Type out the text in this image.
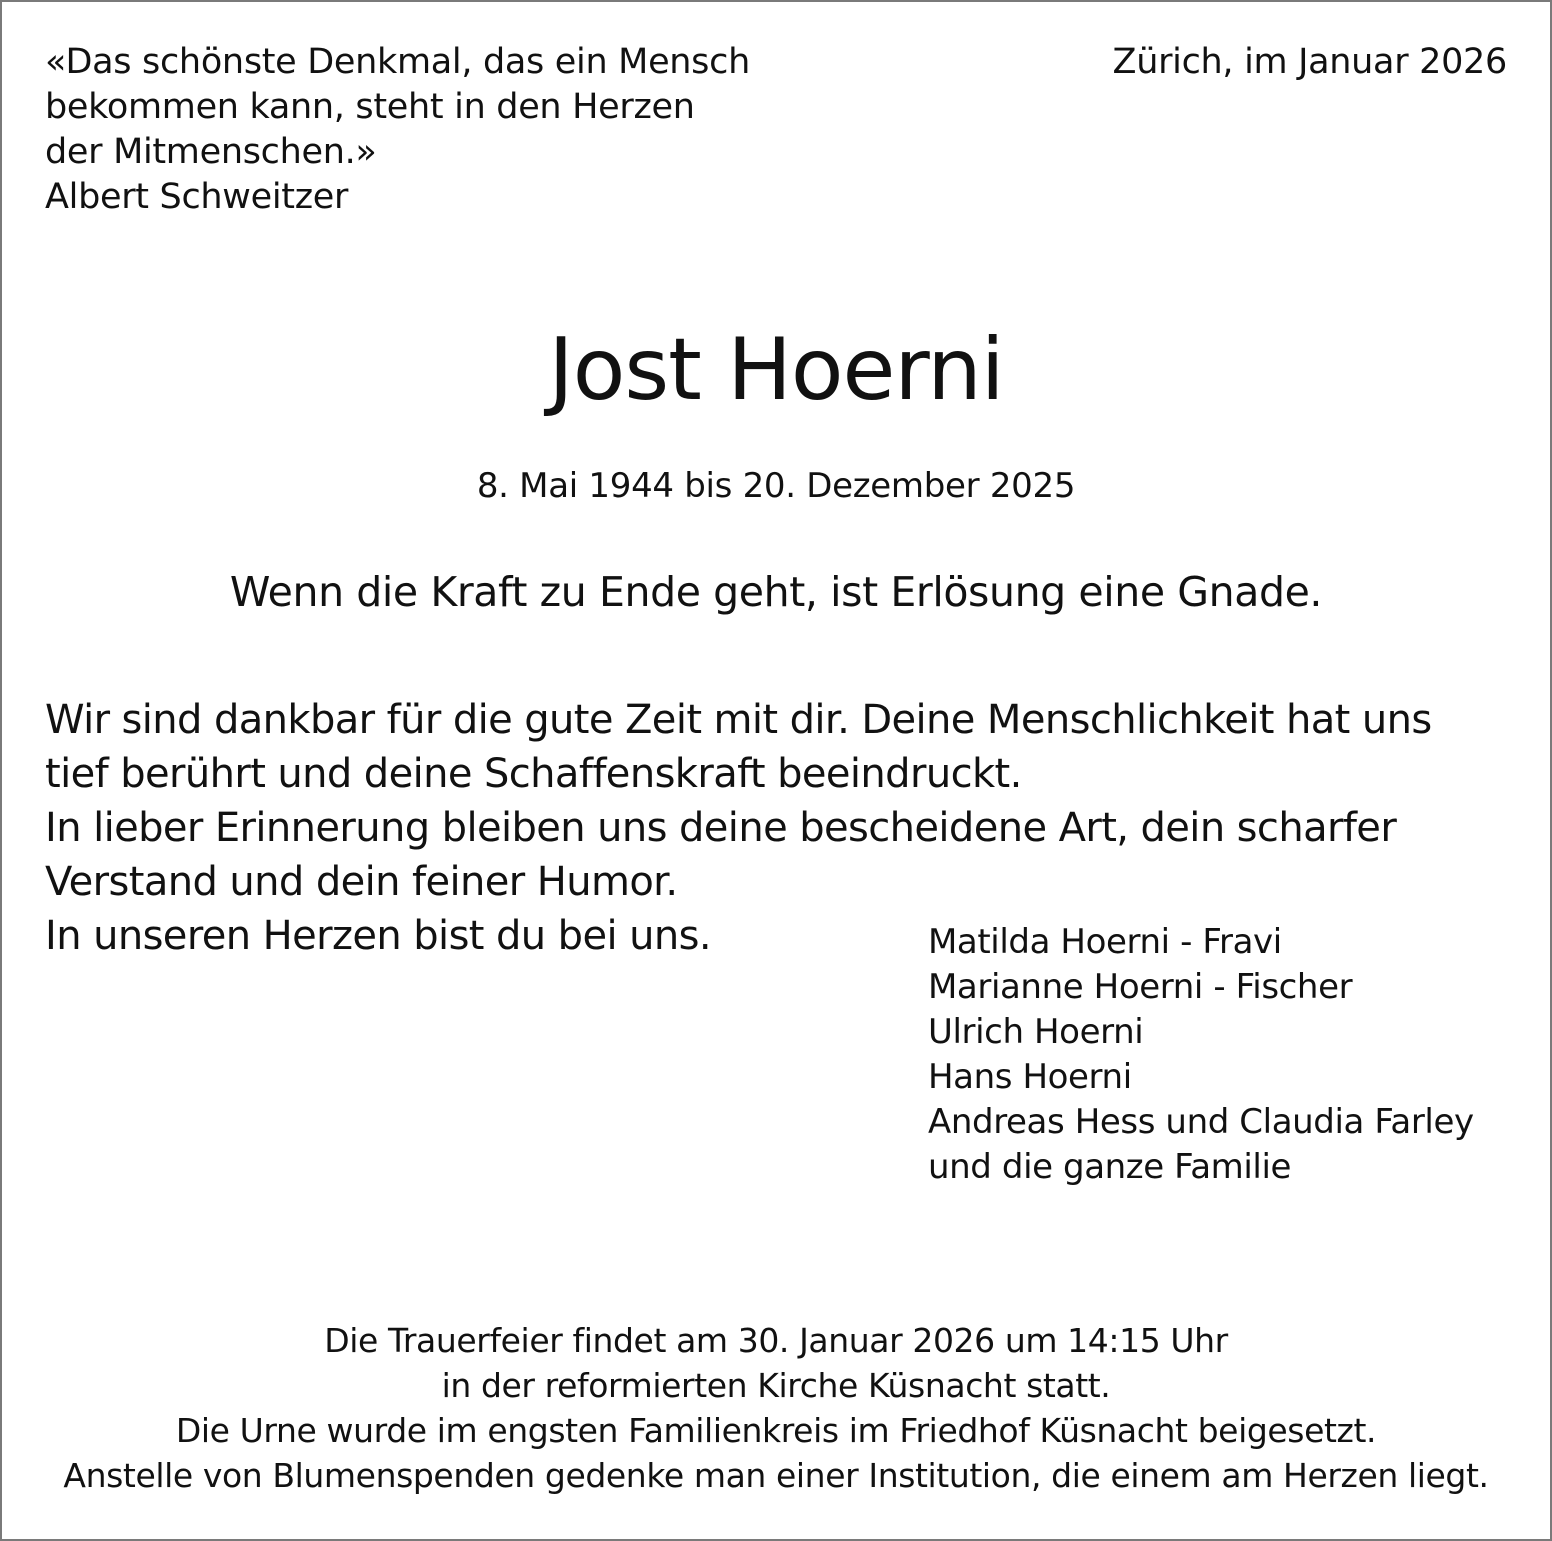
«Das schönste Denkmal, das ein Mensch
bekommen kann, steht in den Herzen
der Mitmenschen.»
Albert Schweitzer
Zürich, im Januar 2026
Jost Hoerni
8. Mai 1944 bis 20. Dezember 2025
Wenn die Kraft zu Ende geht, ist Erlösung eine Gnade.
Wir sind dankbar für die gute Zeit mit dir. Deine Menschlichkeit hat uns
tief berührt und deine Schaffenskraft beeindruckt.
In lieber Erinnerung bleiben uns deine bescheidene Art, dein scharfer
Verstand und dein feiner Humor.
In unseren Herzen bist du bei uns.	Matilda Hoerni - Fravi
Marianne Hoerni - Fischer
Ulrich Hoerni
Hans Hoerni
Andreas Hess und Claudia Farley
und die ganze Familie
Die Trauerfeier findet am 30. Januar 2026 um 14:15 Uhr
in der reformierten Kirche Küsnacht statt.
Die Urne wurde im engsten Familienkreis im Friedhof Küsnacht beigesetzt.
Anstelle von Blumenspenden gedenke man einer Institution, die einem am Herzen liegt.
